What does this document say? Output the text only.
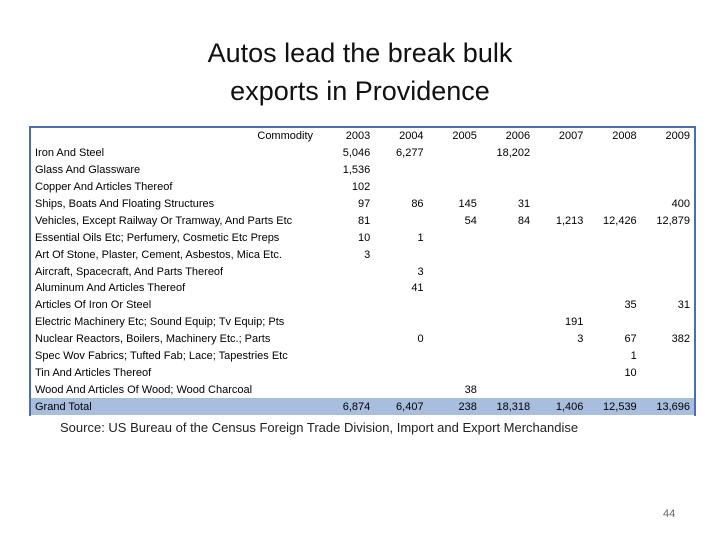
Autos lead the break bulk
exports in Providence
Commodity	2003	2004	2005	2006	2007	2008	2009
Iron And Steel	5,046	6,277		18,202			
Glass And Glassware	1,536						
Copper And Articles Thereof	102						
Ships, Boats And Floating Structures	97	86	145	31			400
Vehicles, Except Railway Or Tramway, And Parts Etc	81		54	84	1,213	12,426	12,879
Essential Oils Etc; Perfumery, Cosmetic Etc Preps	10	1					
Art Of Stone, Plaster, Cement, Asbestos, Mica Etc.	3						
Aircraft, Spacecraft, And Parts Thereof		3					
Aluminum And Articles Thereof		41					
Articles Of Iron Or Steel						35	31
Electric Machinery Etc; Sound Equip; Tv Equip; Pts					191		
Nuclear Reactors, Boilers, Machinery Etc.; Parts		0			3	67	382
Spec Wov Fabrics; Tufted Fab; Lace; Tapestries Etc						1	
Tin And Articles Thereof						10	
Wood And Articles Of Wood; Wood Charcoal			38				
Grand Total	6,874	6,407	238	18,318	1,406	12,539	13,696
Source: US Bureau of the Census Foreign Trade Division, Import and Export Merchandise
44
